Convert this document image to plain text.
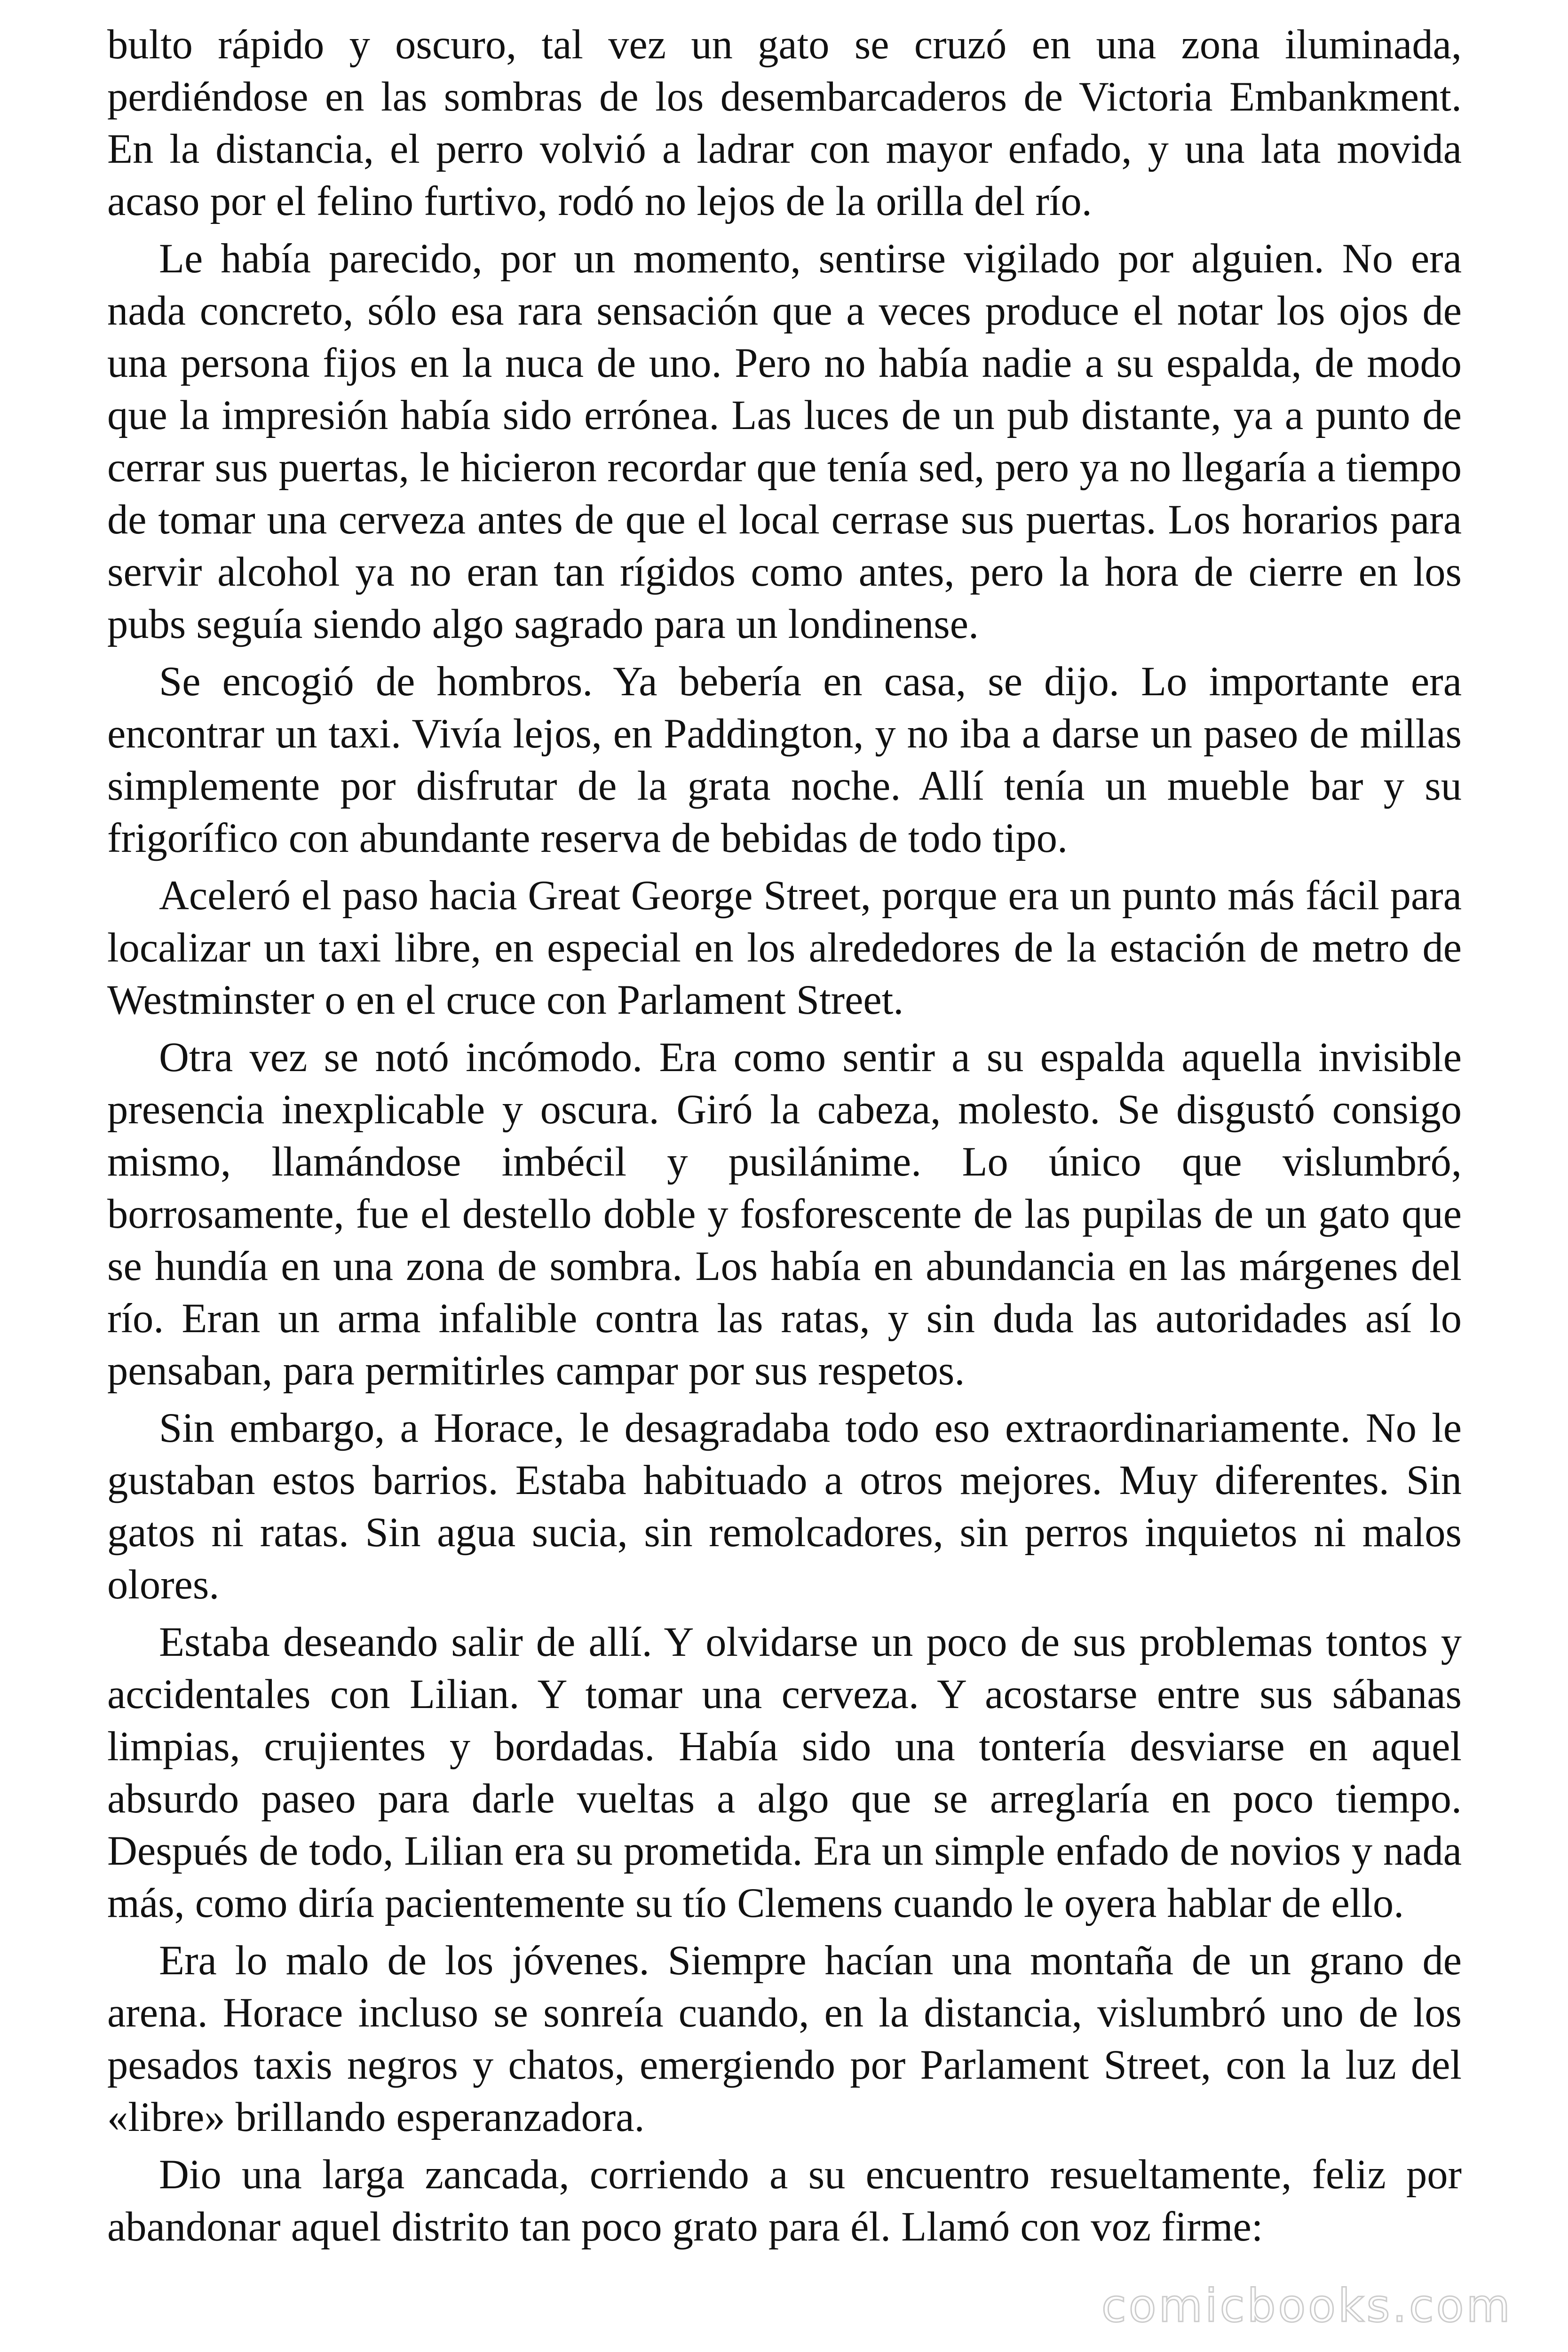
bulto rápido y oscuro, tal vez un gato se cruzó en una zona iluminada, perdiéndose en las sombras de los desembarcaderos de Victoria Embankment. En la distancia, el perro volvió a ladrar con mayor enfado, y una lata movida acaso por el felino furtivo, rodó no lejos de la orilla del río.

Le había parecido, por un momento, sentirse vigilado por alguien. No era nada concreto, sólo esa rara sensación que a veces produce el notar los ojos de una persona fijos en la nuca de uno. Pero no había nadie a su espalda, de modo que la impresión había sido errónea. Las luces de un pub distante, ya a punto de cerrar sus puertas, le hicieron recordar que tenía sed, pero ya no llegaría a tiempo de tomar una cerveza antes de que el local cerrase sus puertas. Los horarios para servir alcohol ya no eran tan rígidos como antes, pero la hora de cierre en los pubs seguía siendo algo sagrado para un londinense.

Se encogió de hombros. Ya bebería en casa, se dijo. Lo importante era encontrar un taxi. Vivía lejos, en Paddington, y no iba a darse un paseo de millas simplemente por disfrutar de la grata noche. Allí tenía un mueble bar y su frigorífico con abundante reserva de bebidas de todo tipo.

Aceleró el paso hacia Great George Street, porque era un punto más fácil para localizar un taxi libre, en especial en los alrededores de la estación de metro de Westminster o en el cruce con Parlament Street.

Otra vez se notó incómodo. Era como sentir a su espalda aquella invisible presencia inexplicable y oscura. Giró la cabeza, molesto. Se disgustó consigo mismo, llamándose imbécil y pusilánime. Lo único que vislumbró, borrosamente, fue el destello doble y fosforescente de las pupilas de un gato que se hundía en una zona de sombra. Los había en abundancia en las márgenes del río. Eran un arma infalible contra las ratas, y sin duda las autoridades así lo pensaban, para permitirles campar por sus respetos.

Sin embargo, a Horace, le desagradaba todo eso extraordinariamente. No le gustaban estos barrios. Estaba habituado a otros mejores. Muy diferentes. Sin gatos ni ratas. Sin agua sucia, sin remolcadores, sin perros inquietos ni malos olores.

Estaba deseando salir de allí. Y olvidarse un poco de sus problemas tontos y accidentales con Lilian. Y tomar una cerveza. Y acostarse entre sus sábanas limpias, crujientes y bordadas. Había sido una tontería desviarse en aquel absurdo paseo para darle vueltas a algo que se arreglaría en poco tiempo. Después de todo, Lilian era su prometida. Era un simple enfado de novios y nada más, como diría pacientemente su tío Clemens cuando le oyera hablar de ello.

Era lo malo de los jóvenes. Siempre hacían una montaña de un grano de arena. Horace incluso se sonreía cuando, en la distancia, vislumbró uno de los pesados taxis negros y chatos, emergiendo por Parlament Street, con la luz del «libre» brillando esperanzadora.

Dio una larga zancada, corriendo a su encuentro resueltamente, feliz por abandonar aquel distrito tan poco grato para él. Llamó con voz firme:

comicbooks.com
